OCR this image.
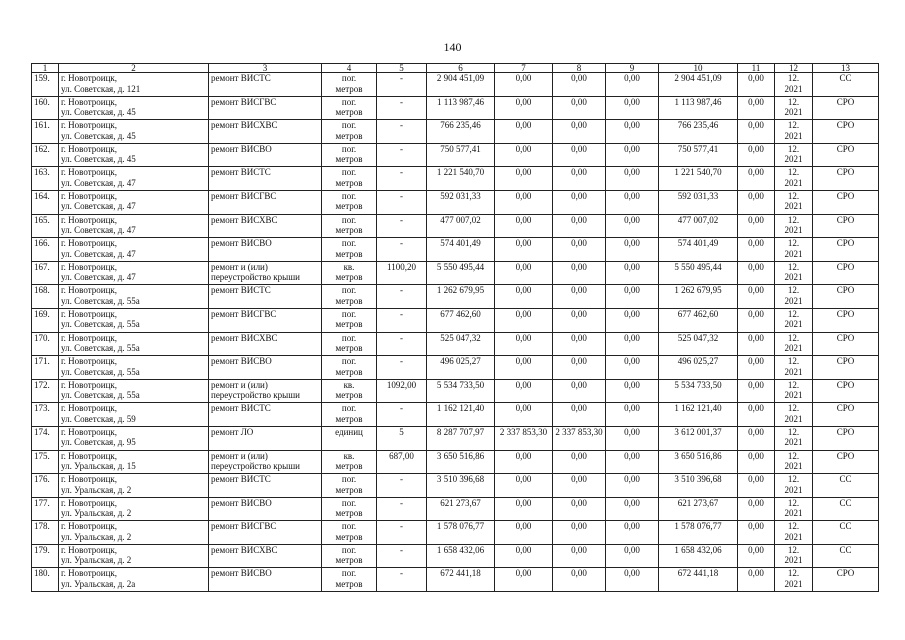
140
1	2	3	4	5	6	7	8	9	10	11	12	13
159.	г. Новотроицк,
ул. Советская, д. 121	ремонт ВИСТС	пог.
метров	-	2 904 451,09	0,00	0,00	0,00	2 904 451,09	0,00	12.
2021	СС
160.	г. Новотроицк,
ул. Советская, д. 45	ремонт ВИСГВС	пог.
метров	-	1 113 987,46	0,00	0,00	0,00	1 113 987,46	0,00	12.
2021	СРО
161.	г. Новотроицк,
ул. Советская, д. 45	ремонт ВИСХВС	пог.
метров	-	766 235,46	0,00	0,00	0,00	766 235,46	0,00	12.
2021	СРО
162.	г. Новотроицк,
ул. Советская, д. 45	ремонт ВИСВО	пог.
метров	-	750 577,41	0,00	0,00	0,00	750 577,41	0,00	12.
2021	СРО
163.	г. Новотроицк,
ул. Советская, д. 47	ремонт ВИСТС	пог.
метров	-	1 221 540,70	0,00	0,00	0,00	1 221 540,70	0,00	12.
2021	СРО
164.	г. Новотроицк,
ул. Советская, д. 47	ремонт ВИСГВС	пог.
метров	-	592 031,33	0,00	0,00	0,00	592 031,33	0,00	12.
2021	СРО
165.	г. Новотроицк,
ул. Советская, д. 47	ремонт ВИСХВС	пог.
метров	-	477 007,02	0,00	0,00	0,00	477 007,02	0,00	12.
2021	СРО
166.	г. Новотроицк,
ул. Советская, д. 47	ремонт ВИСВО	пог.
метров	-	574 401,49	0,00	0,00	0,00	574 401,49	0,00	12.
2021	СРО
167.	г. Новотроицк,
ул. Советская, д. 47	ремонт и (или)
переустройство крыши	кв.
метров	1100,20	5 550 495,44	0,00	0,00	0,00	5 550 495,44	0,00	12.
2021	СРО
168.	г. Новотроицк,
ул. Советская, д. 55а	ремонт ВИСТС	пог.
метров	-	1 262 679,95	0,00	0,00	0,00	1 262 679,95	0,00	12.
2021	СРО
169.	г. Новотроицк,
ул. Советская, д. 55а	ремонт ВИСГВС	пог.
метров	-	677 462,60	0,00	0,00	0,00	677 462,60	0,00	12.
2021	СРО
170.	г. Новотроицк,
ул. Советская, д. 55а	ремонт ВИСХВС	пог.
метров	-	525 047,32	0,00	0,00	0,00	525 047,32	0,00	12.
2021	СРО
171.	г. Новотроицк,
ул. Советская, д. 55а	ремонт ВИСВО	пог.
метров	-	496 025,27	0,00	0,00	0,00	496 025,27	0,00	12.
2021	СРО
172.	г. Новотроицк,
ул. Советская, д. 55а	ремонт и (или)
переустройство крыши	кв.
метров	1092,00	5 534 733,50	0,00	0,00	0,00	5 534 733,50	0,00	12.
2021	СРО
173.	г. Новотроицк,
ул. Советская, д. 59	ремонт ВИСТС	пог.
метров	-	1 162 121,40	0,00	0,00	0,00	1 162 121,40	0,00	12.
2021	СРО
174.	г. Новотроицк,
ул. Советская, д. 95	ремонт ЛО	единиц	5	8 287 707,97	2 337 853,30	2 337 853,30	0,00	3 612 001,37	0,00	12.
2021	СРО
175.	г. Новотроицк,
ул. Уральская, д. 15	ремонт и (или)
переустройство крыши	кв.
метров	687,00	3 650 516,86	0,00	0,00	0,00	3 650 516,86	0,00	12.
2021	СРО
176.	г. Новотроицк,
ул. Уральская, д. 2	ремонт ВИСТС	пог.
метров	-	3 510 396,68	0,00	0,00	0,00	3 510 396,68	0,00	12.
2021	СС
177.	г. Новотроицк,
ул. Уральская, д. 2	ремонт ВИСВО	пог.
метров	-	621 273,67	0,00	0,00	0,00	621 273,67	0,00	12.
2021	СС
178.	г. Новотроицк,
ул. Уральская, д. 2	ремонт ВИСГВС	пог.
метров	-	1 578 076,77	0,00	0,00	0,00	1 578 076,77	0,00	12.
2021	СС
179.	г. Новотроицк,
ул. Уральская, д. 2	ремонт ВИСХВС	пог.
метров	-	1 658 432,06	0,00	0,00	0,00	1 658 432,06	0,00	12.
2021	СС
180.	г. Новотроицк,
ул. Уральская, д. 2а	ремонт ВИСВО	пог.
метров	-	672 441,18	0,00	0,00	0,00	672 441,18	0,00	12.
2021	СРО
